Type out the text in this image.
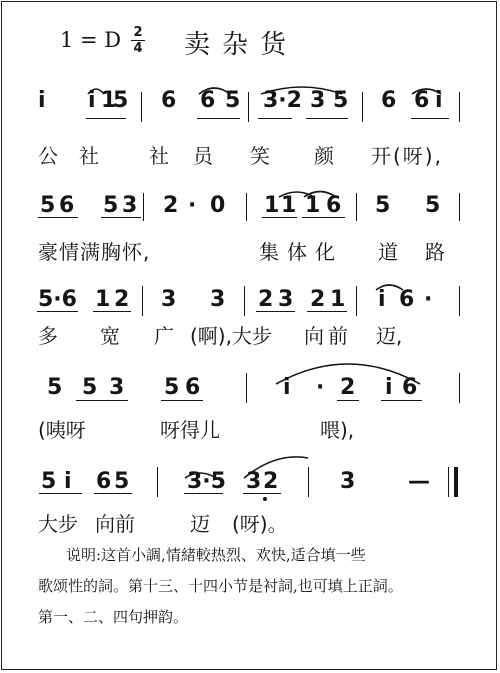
1 = D 2
4 卖杂货
i i 1
5 6 6 5 3·2 3 5 6 6 i
5 6 5 3 2 · 0 1 1 1 6 5 5
5·6 1 2 3 3 2 3 2 1 i 6 ·
5 5 3 5 6	i · 2 i 6
5 i 6 5	3·5 3 2	3 —
公社 社员 笑 颜 开(呀),
豪情满胸怀,	集体化 道 路
多 宽 广 (啊),大步 向前 迈,
(咦呀	呀得儿	喂),
大步 向前	迈 (呀)。
说明:这首小調,情緒較热烈、欢快,适合填一些
歌颂性的詞。第十三、十四小节是衬詞,也可填上正詞。
第一、二、四句押韵。
